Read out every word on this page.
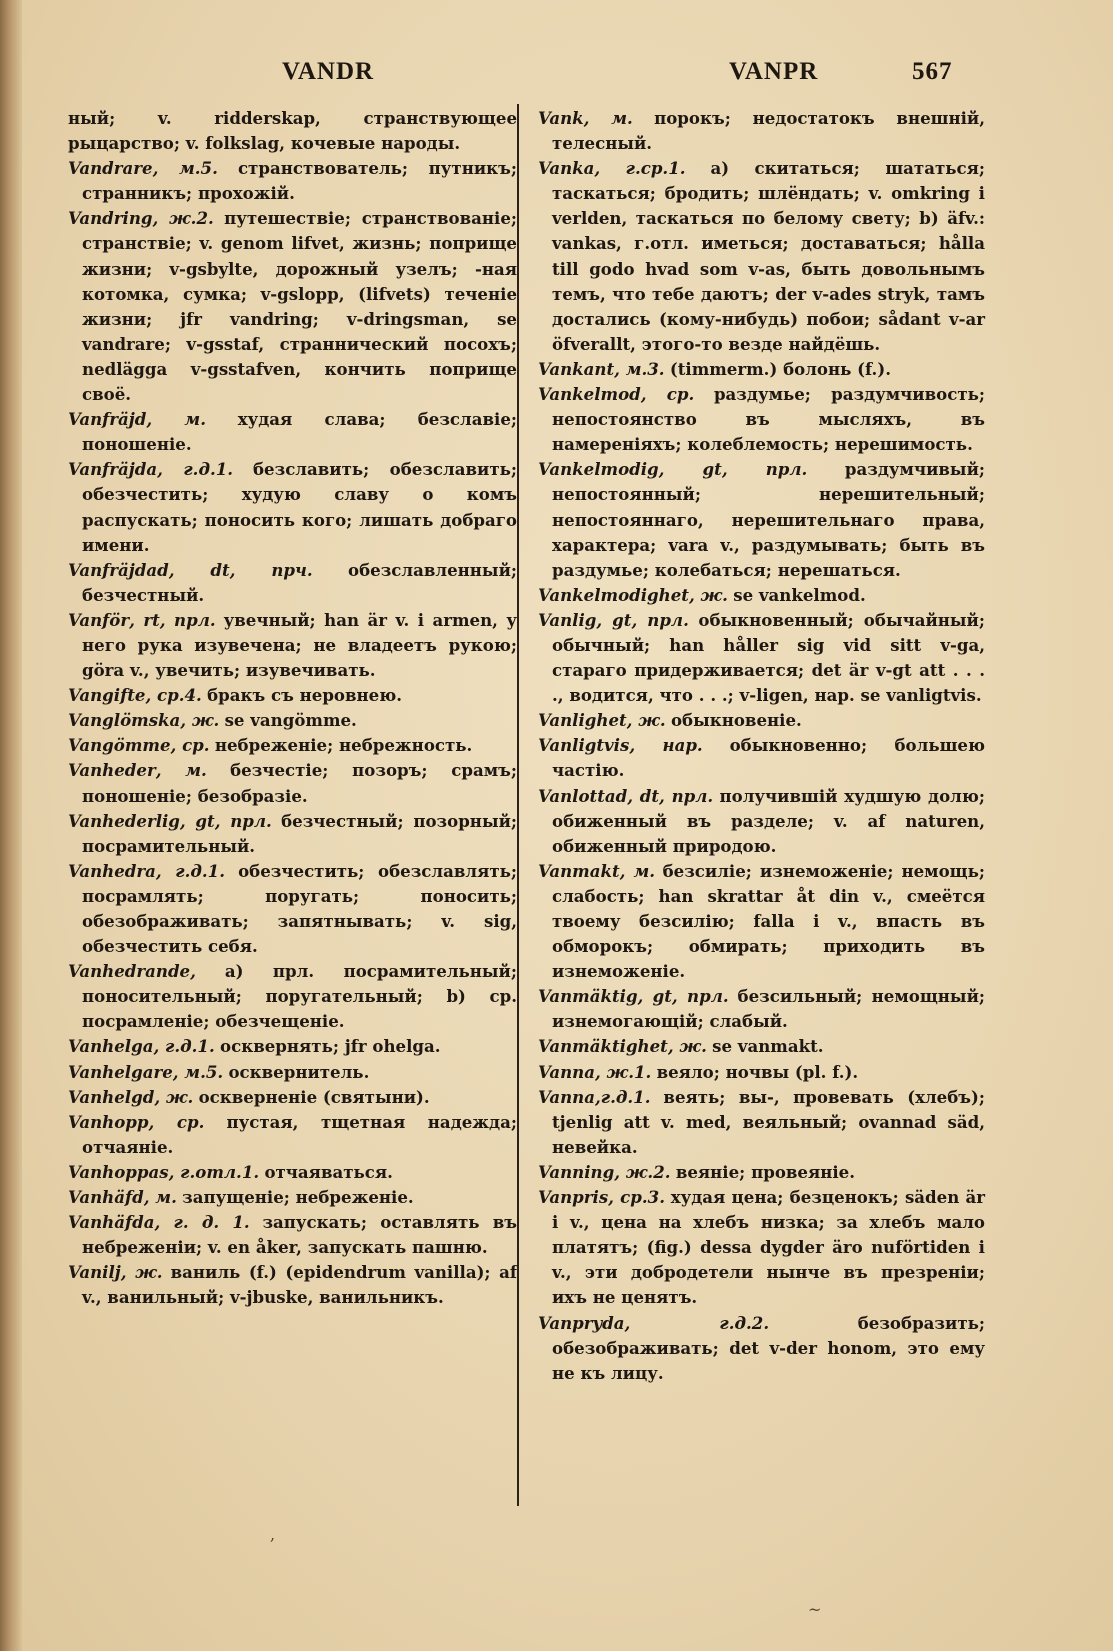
VANDR	VANPR	567

ный; v. ridderskap, странствующее рыцарство; v. folkslag, кочевые народы.

Vandrare, м.5. странствователь; путникъ; странникъ; прохожій.

Vandring, ж.2. путешествіе; странствованіе; странствіе; v. genom lifvet, жизнь; поприще жизни; v-gsbylte, дорожный узелъ; -ная котомка, сумка; v-gslopp, (lifvets) теченіе жизни; jfr vandring; v-dringsman, se vandrare; v-gsstaf, страннический посохъ; nedlägga v-gsstafven, кончить поприще своё.

Vanfräjd, м. худая слава; безславіе; поношеніе.

Vanfräjda, г.д.1. безславить; обезславить; обезчестить; худую славу о комъ распускать; поносить кого; лишать добраго имени.

Vanfräjdad, dt, прч. обезславленный; безчестный.

Vanför, rt, прл. увечный; han är v. i armen, у него рука изувечена; не владеетъ рукою; göra v., увечить; изувечивать.

Vangifte, ср.4. бракъ съ неровнею.

Vanglömska, ж. se vangömme.

Vangömme, ср. небреженіе; небрежность.

Vanheder, м. безчестіе; позоръ; срамъ; поношеніе; безобразіе.

Vanhederlig, gt, прл. безчестный; позорный; посрамительный.

Vanhedra, г.д.1. обезчестить; обезславлять; посрамлять; поругать; поносить; обезображивать; запятнывать; v. sig, обезчестить себя.

Vanhedrande, а) прл. посрамительный; поносительный; поругательный; b) ср. посрамленіе; обезчещеніе.

Vanhelga, г.д.1. осквернять; jfr ohelga.

Vanhelgare, м.5. осквернитель.

Vanhelgd, ж. оскверненіе (святыни).

Vanhopp, ср. пустая, тщетная надежда; отчаяніе.

Vanhoppas, г.отл.1. отчаяваться.

Vanhäfd, м. запущеніе; небреженіе.

Vanhäfda, г. д. 1. запускать; оставлять въ небреженіи; v. en åker, запускать пашню.

Vanilj, ж. ваниль (f.) (epidendrum vanilla); af v., ванильный; v-jbuske, ванильникъ.

Vank, м. порокъ; недостатокъ внешній, телесный.

Vanka, г.ср.1. а) скитаться; шататься; таскаться; бродить; шлёндать; v. omkring i verlden, таскаться по белому свету; b) äfv.: vankas, г.отл. иметься; доставаться; hålla till godo hvad som v-as, быть довольнымъ темъ, что тебе даютъ; der v-ades stryk, тамъ достались (кому-нибудь) побои; sådant v-ar öfverallt, этого-то везде найдёшь.

Vankant, м.3. (timmerm.) болонь (f.).

Vankelmod, ср. раздумье; раздумчивость; непостоянство въ мысляхъ, въ намереніяхъ; колеблемость; нерешимость.

Vankelmodig, gt, прл. раздумчивый; непостоянный; нерешительный; непостояннаго, нерешительнаго права, характера; vara v., раздумывать; быть въ раздумье; колебаться; нерешаться.

Vankelmodighet, ж. se vankelmod.

Vanlig, gt, прл. обыкновенный; обычайный; обычный; han håller sig vid sitt v-ga, стараго придерживается; det är v-gt att . . . ., водится, что . . .; v-ligen, нар. se vanligtvis.

Vanlighet, ж. обыкновеніе.

Vanligtvis, нар. обыкновенно; большею частію.

Vanlottad, dt, прл. получившій худшую долю; обиженный въ разделе; v. af naturen, обиженный природою.

Vanmakt, м. безсиліе; изнеможеніе; немощь; слабость; han skrattar åt din v., смеётся твоему безсилію; falla i v., впасть въ обморокъ; обмирать; приходить въ изнеможеніе.

Vanmäktig, gt, прл. безсильный; немощный; изнемогающій; слабый.

Vanmäktighet, ж. se vanmakt.

Vanna, ж.1. веяло; ночвы (pl. f.).

Vanna,г.д.1. веять; вы-, провевать (хлебъ); tjenlig att v. med, веяльный; ovannad säd, невейка.

Vanning, ж.2. веяніе; провеяніе.

Vanpris, ср.3. худая цена; безценокъ; säden är i v., цена на хлебъ низка; за хлебъ мало платятъ; (fig.) dessa dygder äro nuförtiden i v., эти добродетели нынче въ презреніи; ихъ не ценятъ.

Vanpryda, г.д.2.	безобразить; обезображивать; det v-der honom, это ему не къ лицу.

,
~
